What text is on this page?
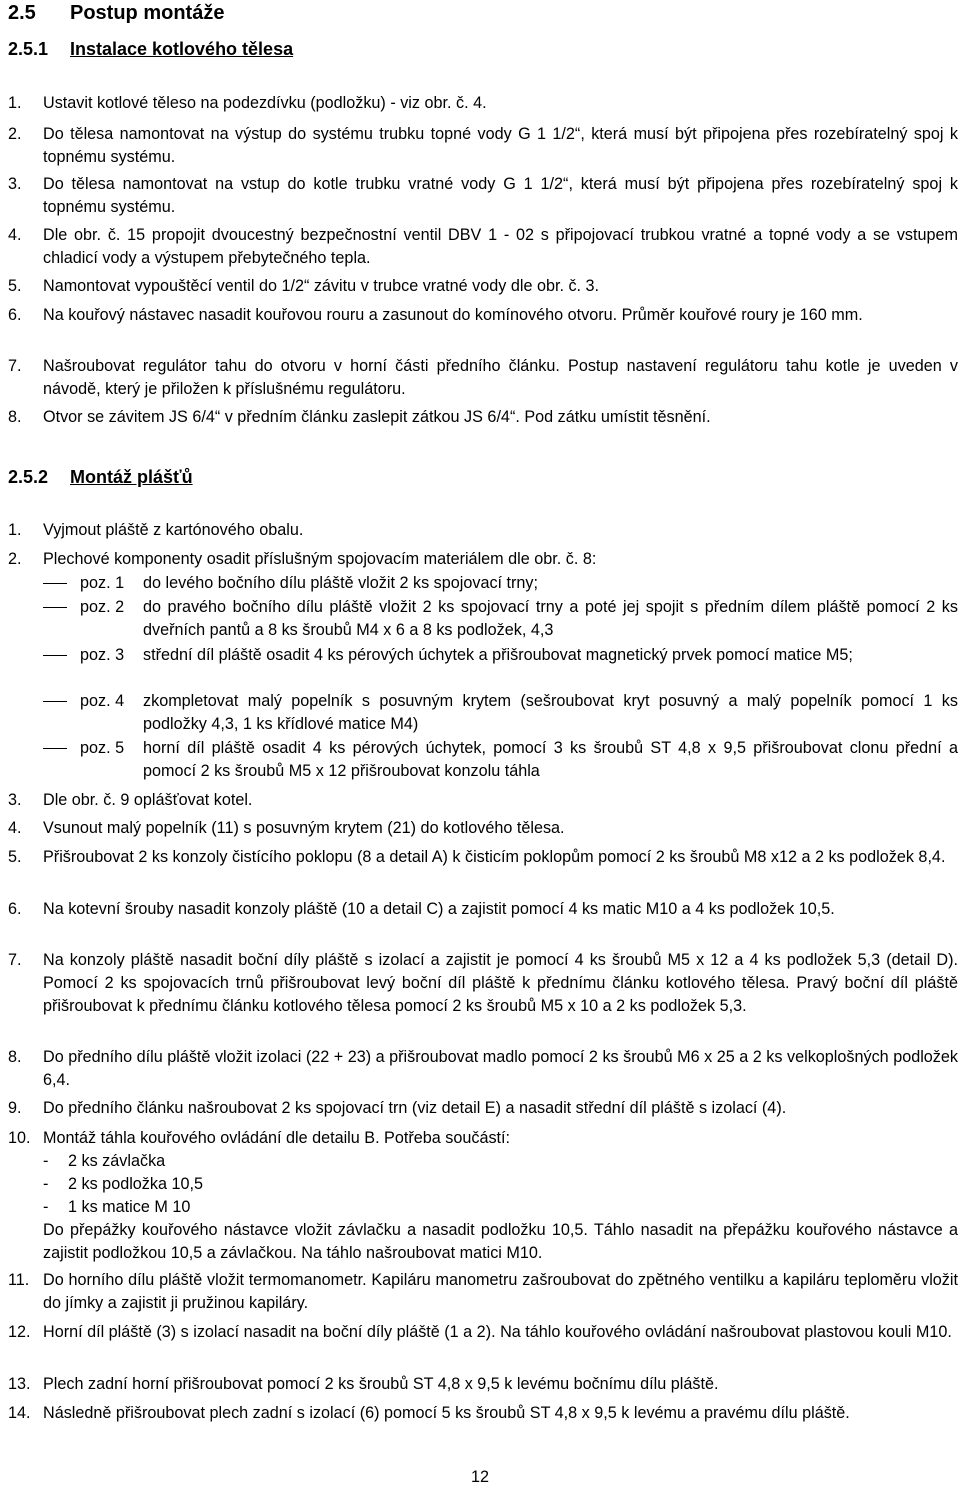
2.5 Postup montáže
2.5.1 Instalace kotlového tělesa
1. Ustavit kotlové těleso na podezdívku (podložku) - viz obr. č. 4.
2. Do tělesa namontovat na výstup do systému trubku topné vody G 1 1/2“, která musí být připojena přes rozebíratelný spoj k topnému systému.
3. Do tělesa namontovat na vstup do kotle trubku vratné vody G 1 1/2“, která musí být připojena přes rozebíratelný spoj k topnému systému.
4. Dle obr. č. 15 propojit dvoucestný bezpečnostní ventil DBV 1 - 02 s připojovací trubkou vratné a topné vody a se vstupem chladicí vody a výstupem přebytečného tepla.
5. Namontovat vypouštěcí ventil do 1/2“ závitu v trubce vratné vody dle obr. č. 3.
6. Na kouřový nástavec nasadit kouřovou rouru a zasunout do komínového otvoru. Průměr kouřové roury je 160 mm.
7. Našroubovat regulátor tahu do otvoru v horní části předního článku. Postup nastavení regulátoru tahu kotle je uveden v návodě, který je přiložen k příslušnému regulátoru.
8. Otvor se závitem JS 6/4“ v předním článku zaslepit zátkou JS 6/4“. Pod zátku umístit těsnění.
2.5.2 Montáž plášťů
1. Vyjmout pláště z kartónového obalu.
2. Plechové komponenty osadit příslušným spojovacím materiálem dle obr. č. 8:
poz. 1 do levého bočního dílu pláště vložit 2 ks spojovací trny;
poz. 2 do pravého bočního dílu pláště vložit 2 ks spojovací trny a poté jej spojit s předním dílem pláště pomocí 2 ks dveřních pantů a 8 ks šroubů M4 x 6 a 8 ks podložek, 4,3
poz. 3 střední díl pláště osadit 4 ks pérových úchytek a přišroubovat magnetický prvek pomocí matice M5;
poz. 4 zkompletovat malý popelník s posuvným krytem (sešroubovat kryt posuvný a malý popelník pomocí 1 ks podložky 4,3, 1 ks křídlové matice M4)
poz. 5 horní díl pláště osadit 4 ks pérových úchytek, pomocí 3 ks šroubů ST 4,8 x 9,5 přišroubovat clonu přední a pomocí 2 ks šroubů M5 x 12 přišroubovat konzolu táhla
3. Dle obr. č. 9 oplášťovat kotel.
4. Vsunout malý popelník (11) s posuvným krytem (21) do kotlového tělesa.
5. Přišroubovat 2 ks konzoly čistícího poklopu (8 a detail A) k čisticím poklopům pomocí 2 ks šroubů M8 x12 a 2 ks podložek 8,4.
6. Na kotevní šrouby nasadit konzoly pláště (10 a detail C) a zajistit pomocí 4 ks matic M10 a 4 ks podložek 10,5.
7. Na konzoly pláště nasadit boční díly pláště s izolací a zajistit je pomocí 4 ks šroubů M5 x 12 a 4 ks podložek 5,3 (detail D). Pomocí 2 ks spojovacích trnů přišroubovat levý boční díl pláště k přednímu článku kotlového tělesa. Pravý boční díl pláště přišroubovat k přednímu článku kotlového tělesa pomocí 2 ks šroubů M5 x 10 a 2 ks podložek 5,3.
8. Do předního dílu pláště vložit izolaci (22 + 23) a přišroubovat madlo pomocí 2 ks šroubů M6 x 25 a 2 ks velkoplošných podložek 6,4.
9. Do předního článku našroubovat 2 ks spojovací trn (viz detail E) a nasadit střední díl pláště s izolací (4).
10. Montáž táhla kouřového ovládání dle detailu B. Potřeba součástí:
- 2 ks závlačka
- 2 ks podložka 10,5
- 1 ks matice M 10
Do přepážky kouřového nástavce vložit závlačku a nasadit podložku 10,5. Táhlo nasadit na přepážku kouřového nástavce a zajistit podložkou 10,5 a závlačkou. Na táhlo našroubovat matici M10.
11. Do horního dílu pláště vložit termomanometr. Kapiláru manometru zašroubovat do zpětného ventilku a kapiláru teploměru vložit do jímky a zajistit ji pružinou kapiláry.
12. Horní díl pláště (3) s izolací nasadit na boční díly pláště (1 a 2). Na táhlo kouřového ovládání našroubovat plastovou kouli M10.
13. Plech zadní horní přišroubovat pomocí 2 ks šroubů ST 4,8 x 9,5 k levému bočnímu dílu pláště.
14. Následně přišroubovat plech zadní s izolací (6) pomocí 5 ks šroubů ST 4,8 x 9,5 k levému a pravému dílu pláště.
12
